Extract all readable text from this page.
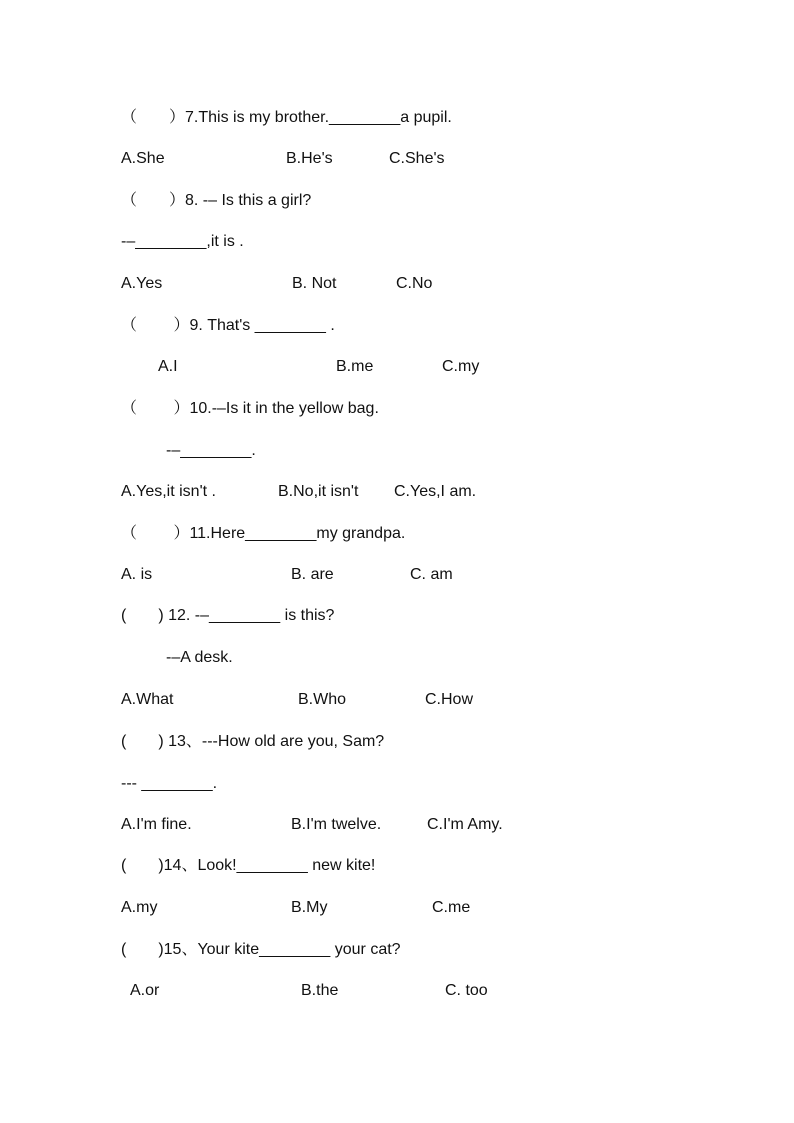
（　　）7.This is my brother.________a pupil.
A.She	B.He's	C.She's
（　　）8. -– Is this a girl?
-–________,it is .
A.Yes	B. Not	C.No
（　　 ）9. That's ________ .
A.I	B.me	C.my
（　　 ）10.-–Is it in the yellow bag.
-–________.
A.Yes,it isn't .	B.No,it isn't C.Yes,I am.
（　　 ）11.Here________my grandpa.
A. is	B. are	C. am
(　　) 12. -–________ is this?
-–A desk.
A.What	B.Who	C.How
(　　) 13、---How old are you, Sam?
--- ________.
A.I'm fine.	B.I'm twelve.	C.I'm Amy.
(　　)14、Look!________ new kite!
A.my	B.My	C.me
(　　)15、Your kite________ your cat?
A.or	B.the	C. too
